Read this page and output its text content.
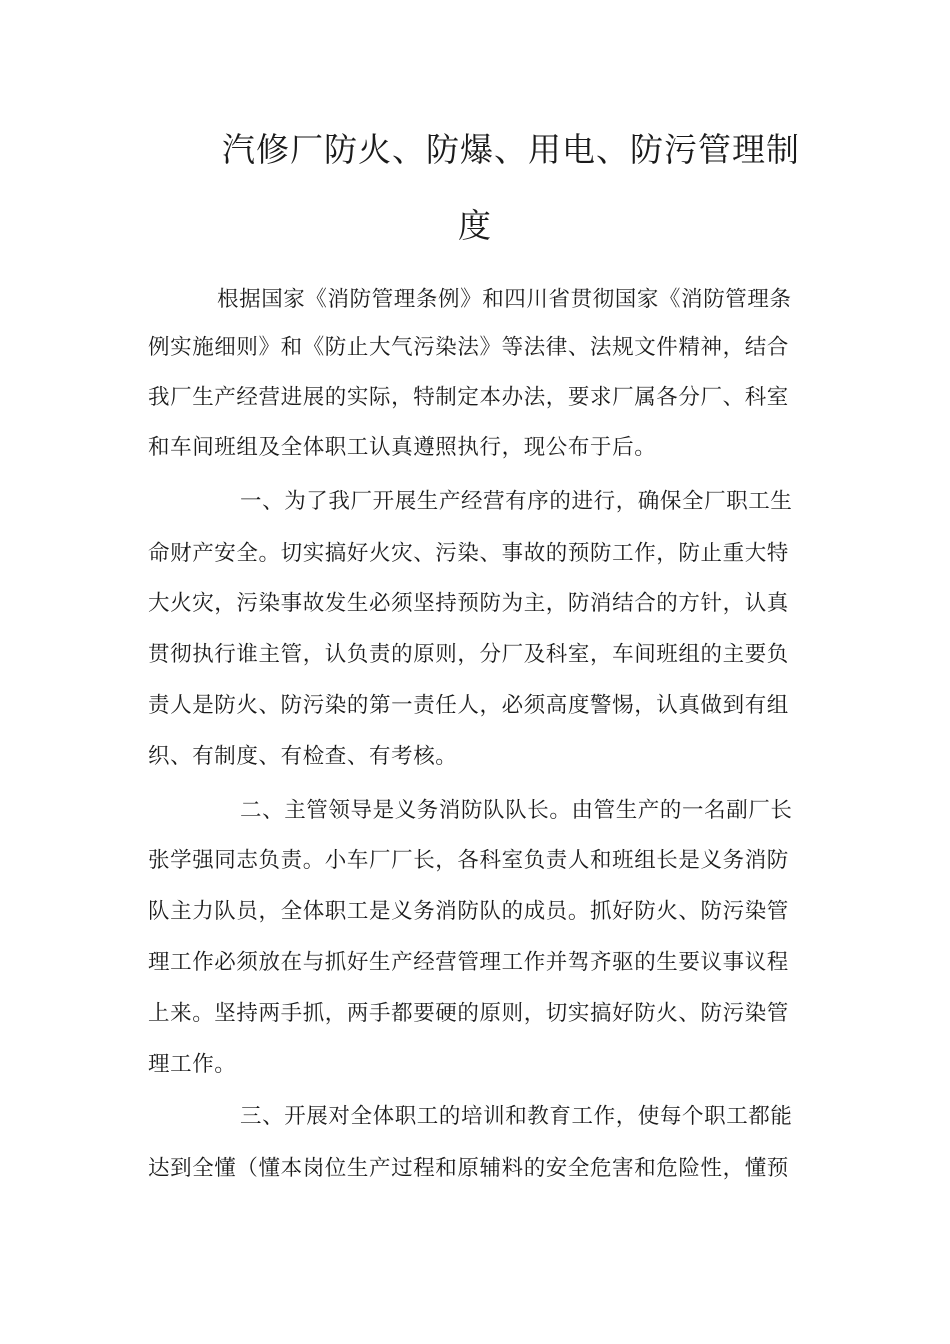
汽修厂防火、防爆、用电、防污管理制
度
根据国家《消防管理条例》和四川省贯彻国家《消防管理条
例实施细则》和《防止大气污染法》等法律、法规文件精神，结合
我厂生产经营进展的实际，特制定本办法，要求厂属各分厂、科室
和车间班组及全体职工认真遵照执行，现公布于后。
一、为了我厂开展生产经营有序的进行，确保全厂职工生
命财产安全。切实搞好火灾、污染、事故的预防工作，防止重大特
大火灾，污染事故发生必须坚持预防为主，防消结合的方针，认真
贯彻执行谁主管，认负责的原则，分厂及科室，车间班组的主要负
责人是防火、防污染的第一责任人，必须高度警惕，认真做到有组
织、有制度、有检查、有考核。
二、主管领导是义务消防队队长。由管生产的一名副厂长
张学强同志负责。小车厂厂长，各科室负责人和班组长是义务消防
队主力队员，全体职工是义务消防队的成员。抓好防火、防污染管
理工作必须放在与抓好生产经营管理工作并驾齐驱的生要议事议程
上来。坚持两手抓，两手都要硬的原则，切实搞好防火、防污染管
理工作。
三、开展对全体职工的培训和教育工作，使每个职工都能
达到全懂（懂本岗位生产过程和原辅料的安全危害和危险性，懂预
